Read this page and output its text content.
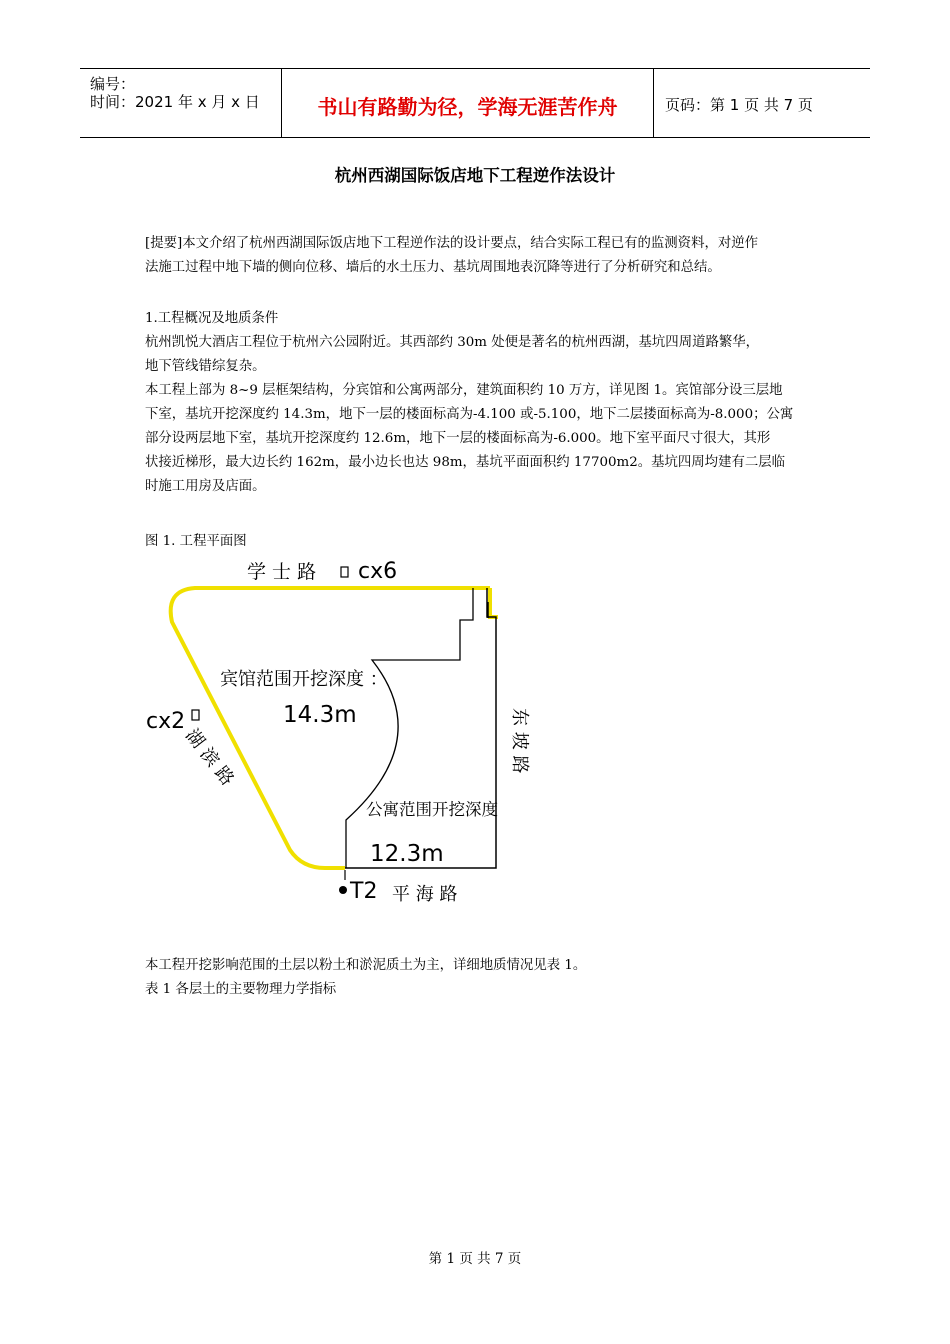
编号：
时间：2021 年 x 月 x 日	书山有路勤为径，学海无涯苦作舟	页码：第 1 页 共 7 页
杭州西湖国际饭店地下工程逆作法设计

[提要]本文介绍了杭州西湖国际饭店地下工程逆作法的设计要点，结合实际工程已有的监测资料，对逆作

法施工过程中地下墙的侧向位移、墙后的水土压力、基坑周围地表沉降等进行了分析研究和总结。

1.工程概况及地质条件

杭州凯悦大酒店工程位于杭州六公园附近。其西部约 30m 处便是著名的杭州西湖，基坑四周道路繁华，

地下管线错综复杂。

本工程上部为 8~9 层框架结构，分宾馆和公寓两部分，建筑面积约 10 万方，详见图 1。宾馆部分设三层地

下室，基坑开挖深度约 14.3m，地下一层的楼面标高为-4.100 或-5.100，地下二层搂面标高为-8.000；公寓

部分设两层地下室，基坑开挖深度约 12.6m，地下一层的楼面标高为-6.000。地下室平面尺寸很大，其形

状接近梯形，最大边长约 162m，最小边长也达 98m，基坑平面面积约 17700m2。基坑四周均建有二层临

时施工用房及店面。

图 1. 工程平面图

学 士 路 cx6
cx2
湖 滨 路	东 坡 路
宾馆范围开挖深度 ：
14.3m
公寓范围开挖深度
12.3m
T2 平 海 路

本工程开挖影响范围的土层以粉土和淤泥质土为主，详细地质情况见表 1。

表 1 各层土的主要物理力学指标

第 1 页 共 7 页
